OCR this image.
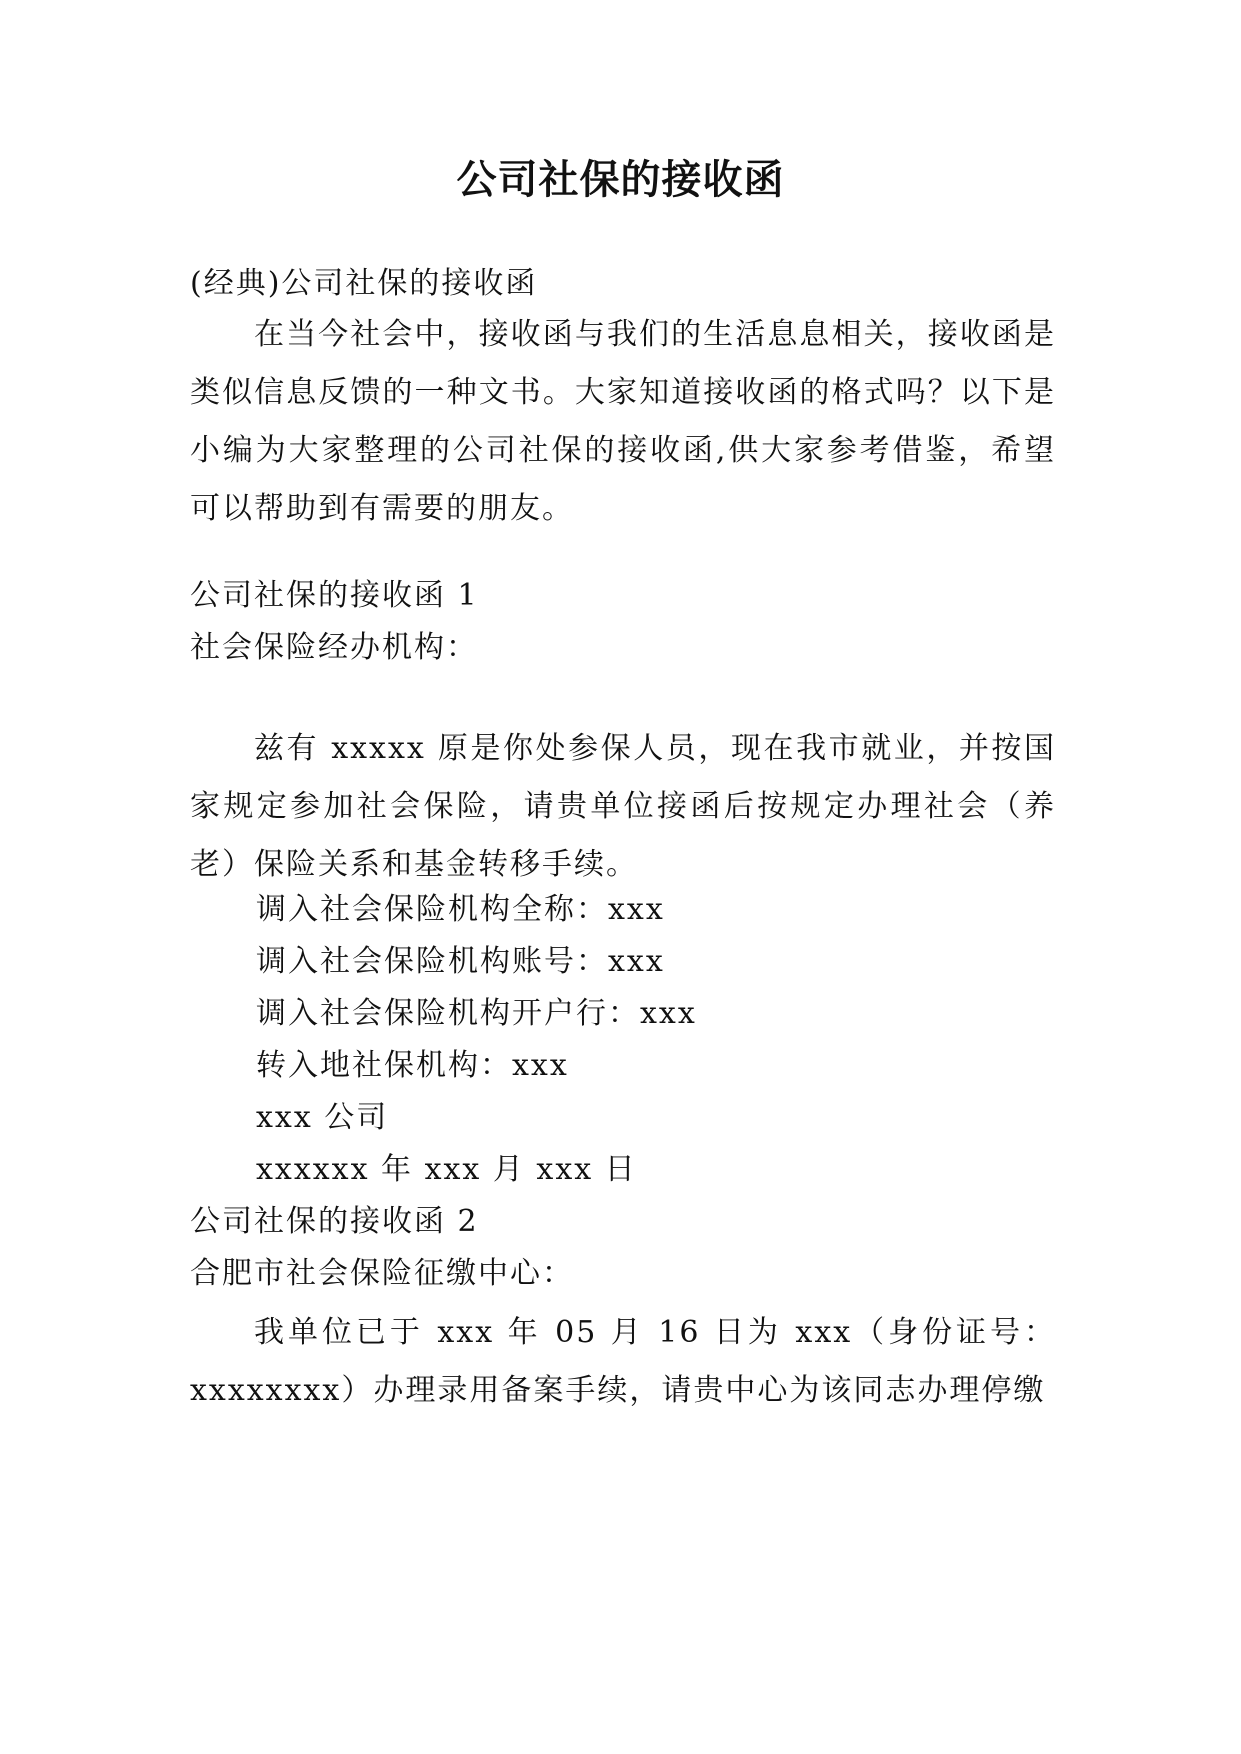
公司社保的接收函

(经典)公司社保的接收函

在当今社会中，接收函与我们的生活息息相关，接收函是类似信息反馈的一种文书。大家知道接收函的格式吗？以下是小编为大家整理的公司社保的接收函,供大家参考借鉴，希望可以帮助到有需要的朋友。

公司社保的接收函 1

社会保险经办机构：

兹有 xxxxx 原是你处参保人员，现在我市就业，并按国家规定参加社会保险，请贵单位接函后按规定办理社会（养老）保险关系和基金转移手续。

调入社会保险机构全称：xxx

调入社会保险机构账号：xxx

调入社会保险机构开户行：xxx

转入地社保机构：xxx

xxx 公司

xxxxxx 年 xxx 月 xxx 日

公司社保的接收函 2

合肥市社会保险征缴中心：

我单位已于 xxx 年 05 月 16 日为 xxx（身份证号：xxxxxxxx）办理录用备案手续，请贵中心为该同志办理停缴
